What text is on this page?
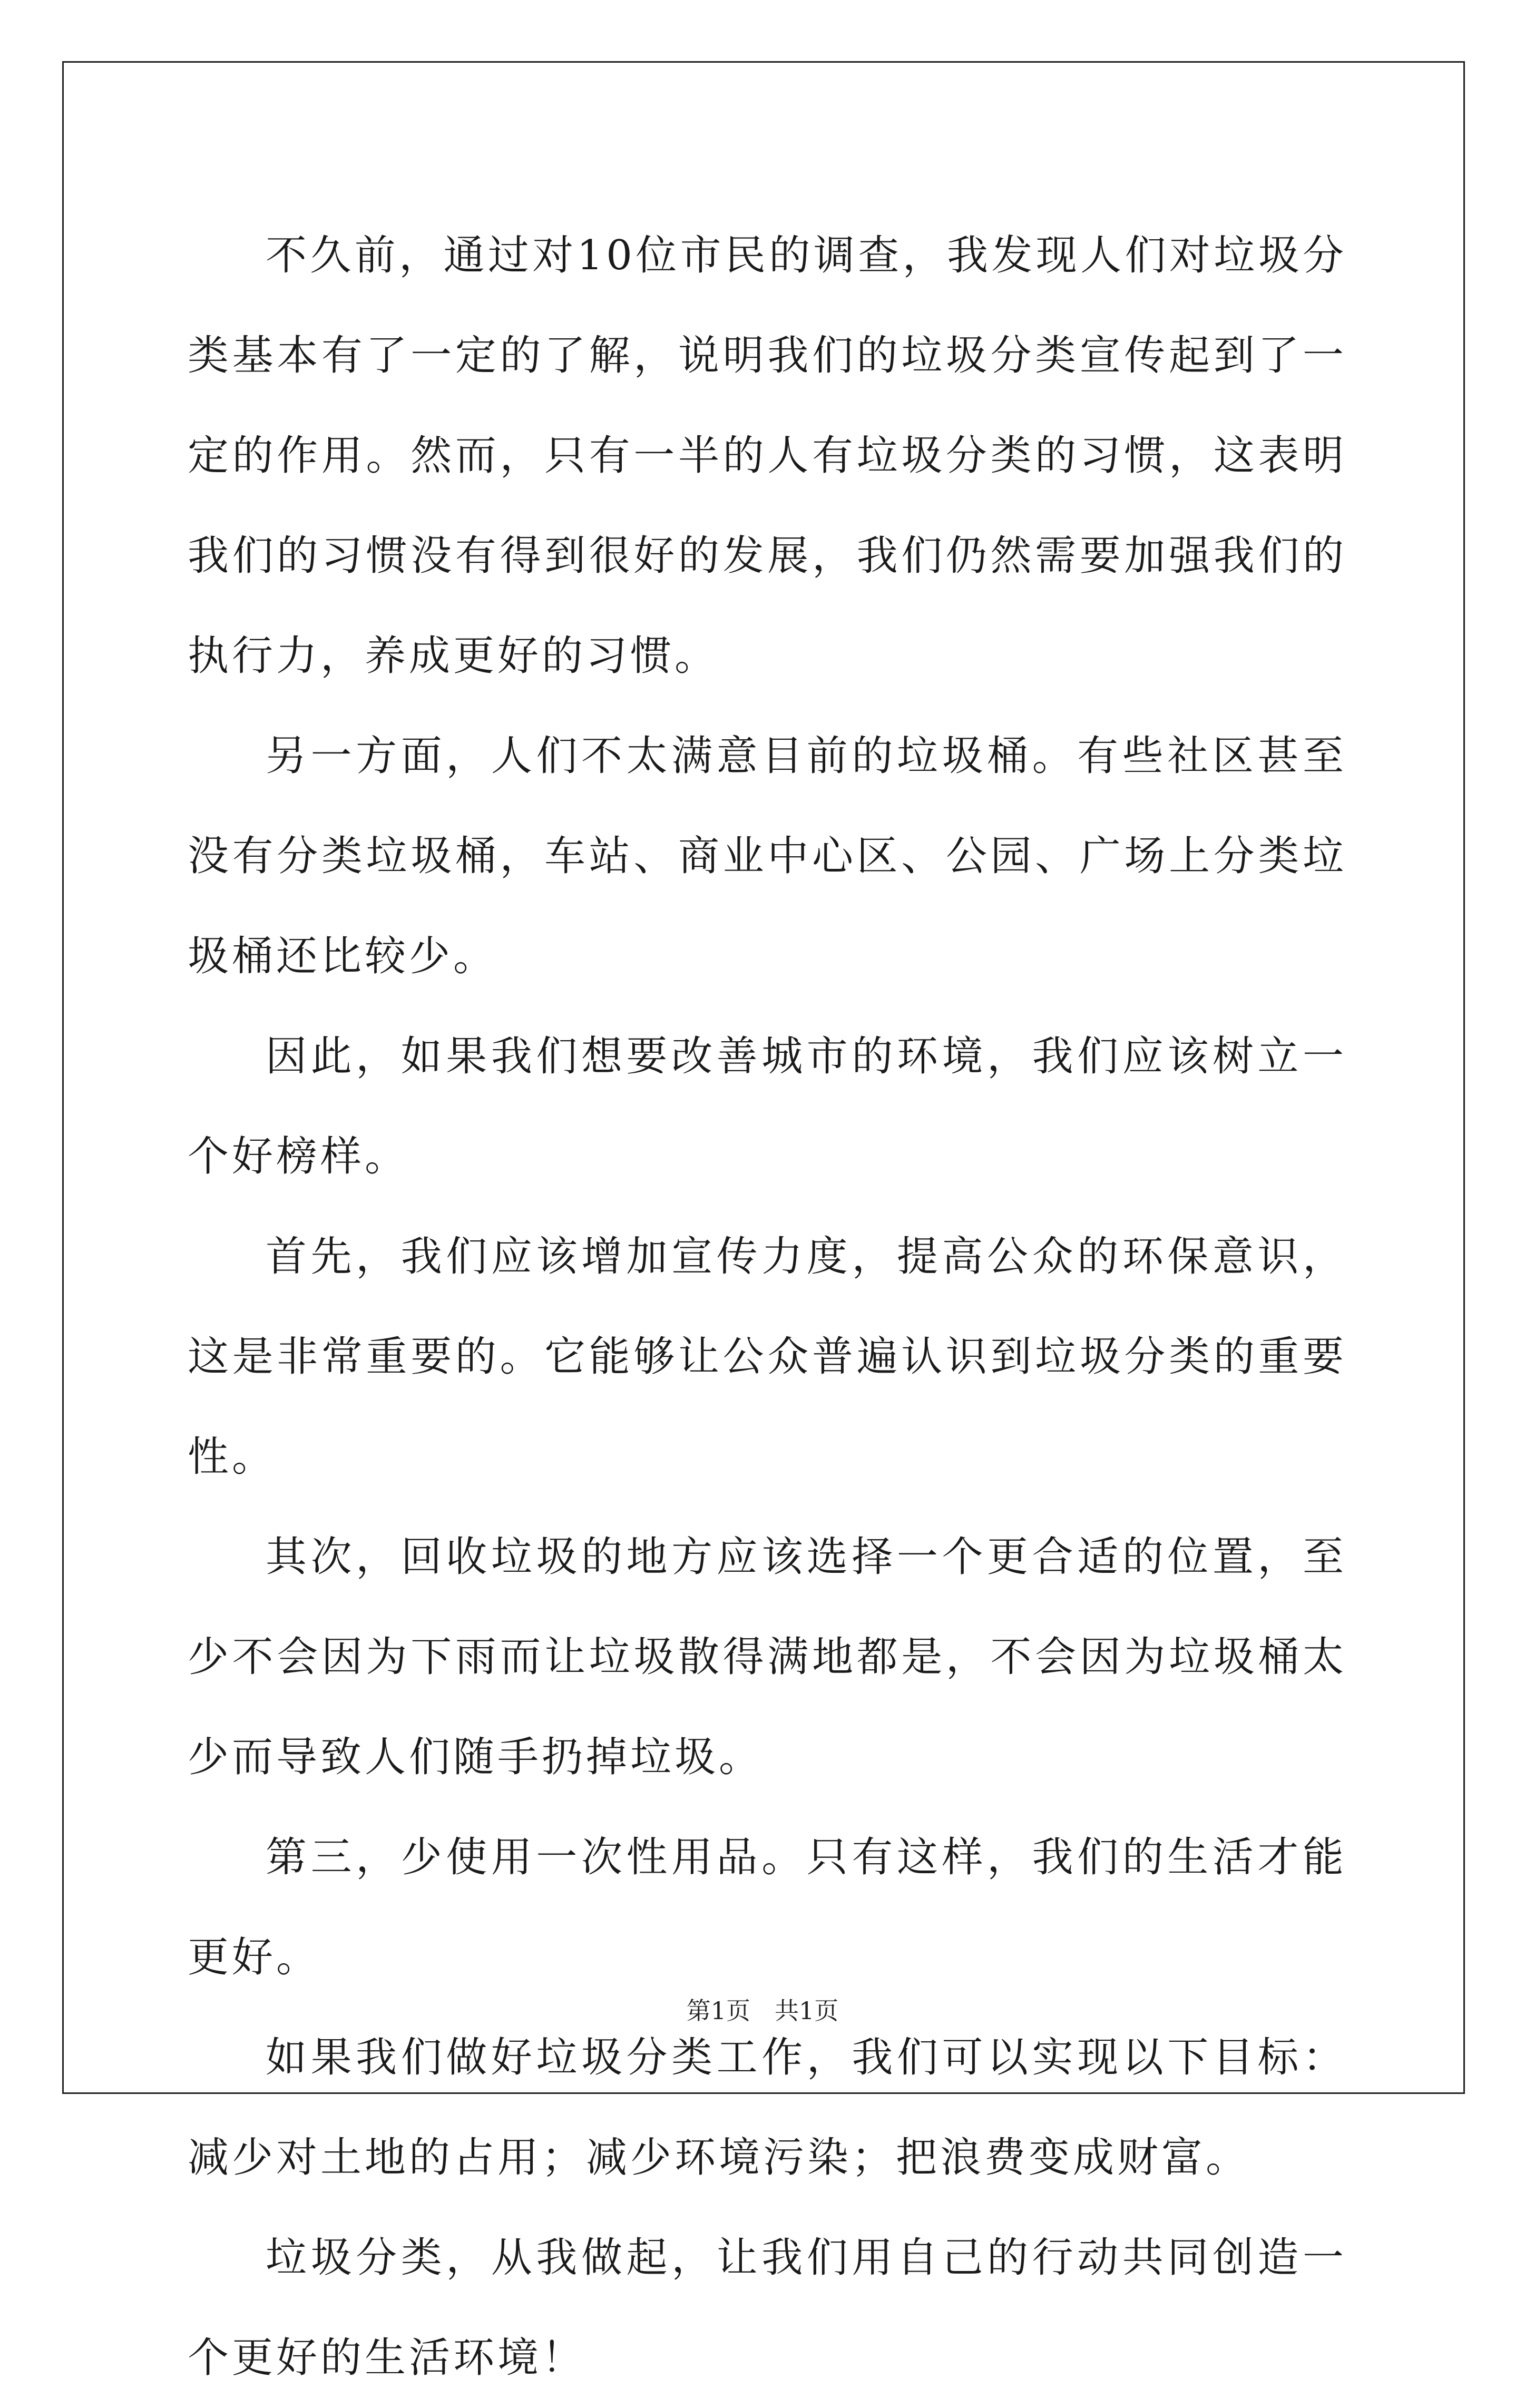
不久前，通过对10位市民的调查，我发现人们对垃圾分类基本有了一定的了解，说明我们的垃圾分类宣传起到了一定的作用。然而，只有一半的人有垃圾分类的习惯，这表明我们的习惯没有得到很好的发展，我们仍然需要加强我们的执行力，养成更好的习惯。

另一方面，人们不太满意目前的垃圾桶。有些社区甚至没有分类垃圾桶，车站、商业中心区、公园、广场上分类垃圾桶还比较少。

因此，如果我们想要改善城市的环境，我们应该树立一个好榜样。

首先，我们应该增加宣传力度，提高公众的环保意识，这是非常重要的。它能够让公众普遍认识到垃圾分类的重要性。

其次，回收垃圾的地方应该选择一个更合适的位置，至少不会因为下雨而让垃圾散得满地都是，不会因为垃圾桶太少而导致人们随手扔掉垃圾。

第三，少使用一次性用品。只有这样，我们的生活才能更好。

如果我们做好垃圾分类工作，我们可以实现以下目标：减少对土地的占用；减少环境污染；把浪费变成财富。

垃圾分类，从我做起，让我们用自己的行动共同创造一个更好的生活环境！

第1页　共1页
